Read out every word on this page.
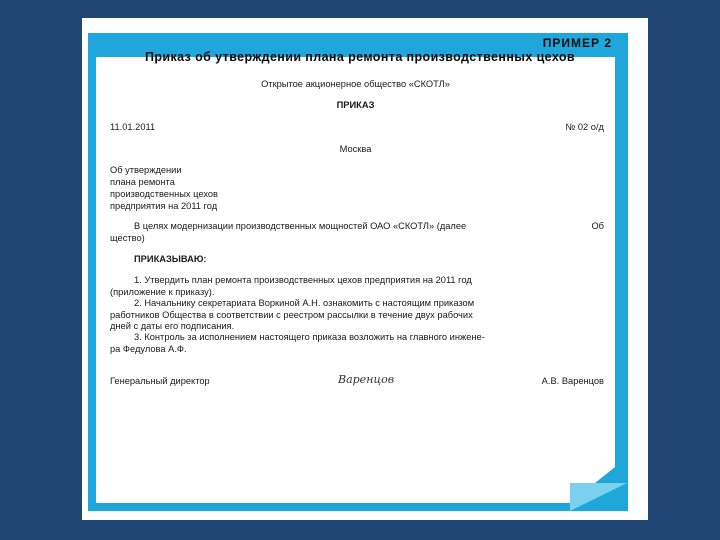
ПРИМЕР 2
Приказ об утверждении плана ремонта производственных цехов
Открытое акционерное общество «СКОТЛ»
ПРИКАЗ
11.01.2011	№ 02 о/д
Москва
Об утверждении
плана ремонта
производственных цехов
предприятия на 2011 год
В целях модернизации производственных мощностей ОАО «СКОТЛ» (далее	Об
щество)
ПРИКАЗЫВАЮ:
1. Утвердить план ремонта производственных цехов предприятия на 2011 год
(приложение к приказу).
2. Начальнику секретариата Воркиной А.Н. ознакомить с настоящим приказом
работников Общества в соответствии с реестром рассылки в течение двух рабочих
дней с даты его подписания.
3. Контроль за исполнением настоящего приказа возложить на главного инжене-
ра Федулова А.Ф.
Генеральный директор	Варенцов	А.В. Варенцов
